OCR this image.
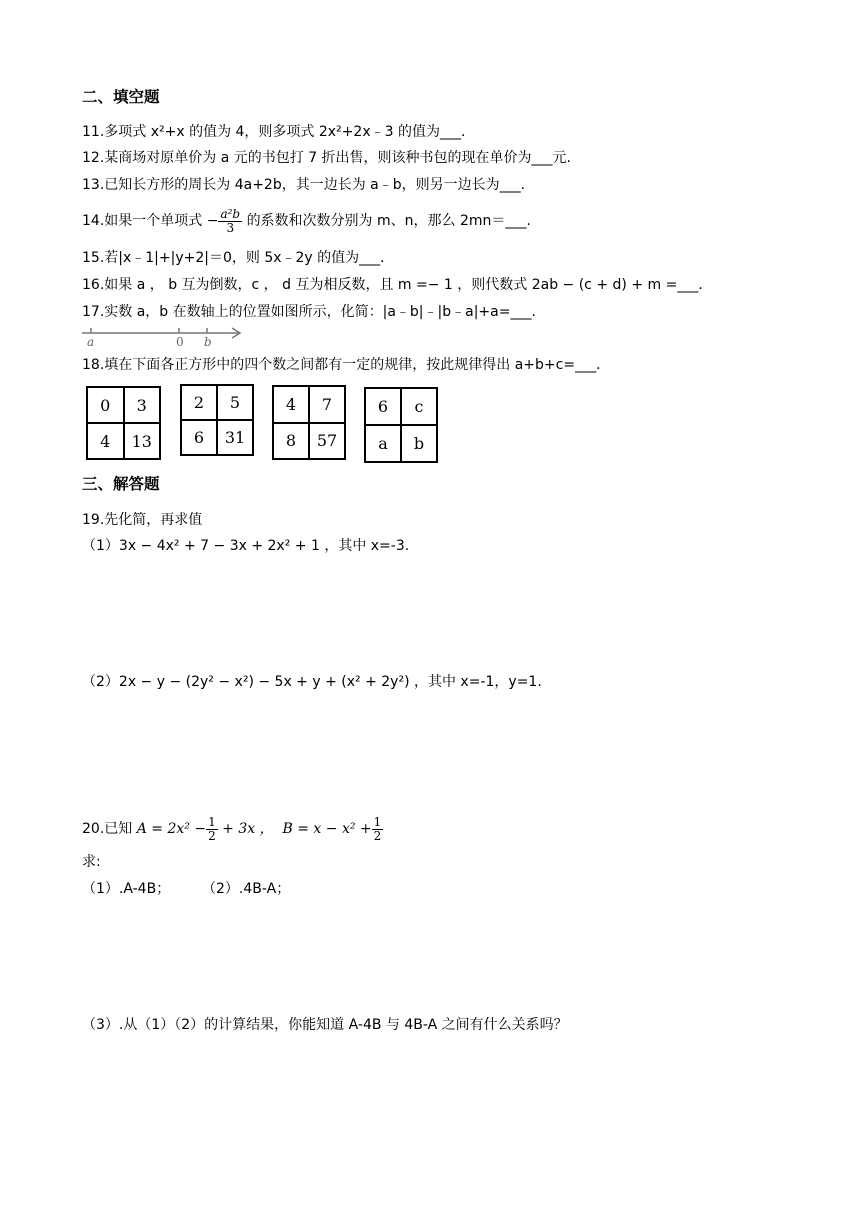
二、填空题
11.多项式 x²+x 的值为 4，则多项式 2x²+2x﹣3 的值为___．
12.某商场对原单价为 a 元的书包打 7 折出售，则该种书包的现在单价为___元.
13.已知长方形的周长为 4a+2b，其一边长为 a﹣b，则另一边长为___．
14.如果一个单项式 − $\frac{\text{a²b}}{3}$ 的系数和次数分别为 m、n，那么 2mn＝___.
15.若|x﹣1|+|y+2|＝0，则 5x﹣2y 的值为___．
16.如果 a ， b 互为倒数，c ， d 互为相反数，且 m =− 1 ，则代数式 2ab − (c + d) + m =___．
17.实数 a，b 在数轴上的位置如图所示，化简：|a﹣b|﹣|b﹣a|+a=___．
a	0 b
18.填在下面各正方形中的四个数之间都有一定的规律，按此规律得出 a+b+c=___．
0	3
4	13
2	5
6	31
4	7
8	57
6	c
a	b
三、解答题
19.先化简，再求值
（1）3x − 4x² + 7 − 3x + 2x² + 1 ，其中 x=-3.
（2）2x − y − (2y² − x²) − 5x + y + (x² + 2y²) ，其中 x=-1，y=1.
20.已知 $A = 2x^2 - \frac{1}{2} + 3x$ ， $B = x - x^2 + \frac{1}{2}$
求:
（1）.A-4B； （2）.4B-A；
（3）.从（1）（2）的计算结果，你能知道 A-4B 与 4B-A 之间有什么关系吗？
